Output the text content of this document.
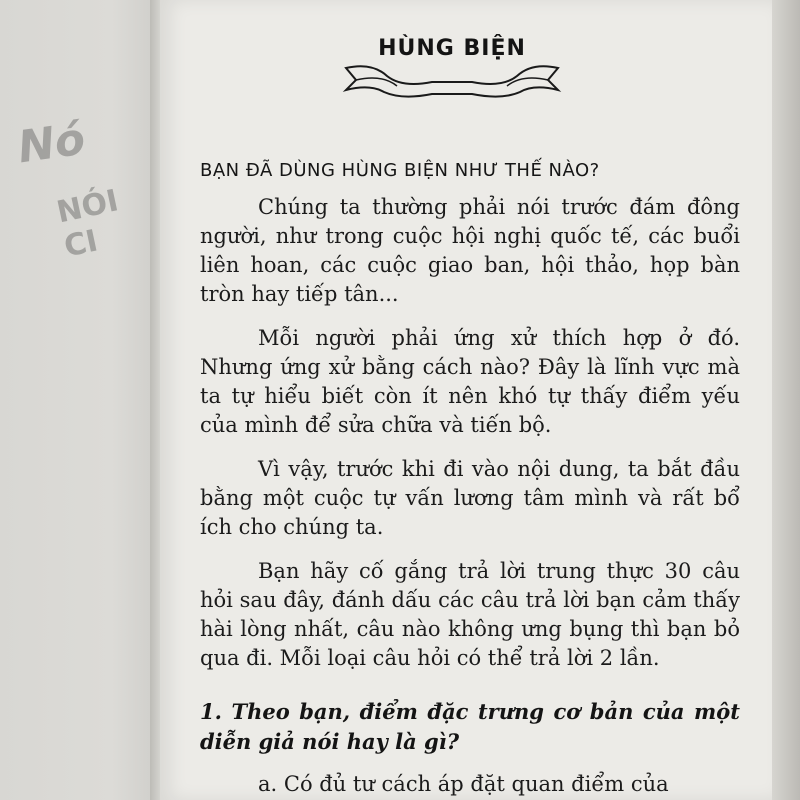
Nó
NÓI CI

HÙNG BIỆN
BẠN ĐÃ DÙNG HÙNG BIỆN NHƯ THẾ NÀO?

Chúng ta thường phải nói trước đám đông người, như trong cuộc hội nghị quốc tế, các buổi liên hoan, các cuộc giao ban, hội thảo, họp bàn tròn hay tiếp tân...

Mỗi người phải ứng xử thích hợp ở đó. Nhưng ứng xử bằng cách nào? Đây là lĩnh vực mà ta tự hiểu biết còn ít nên khó tự thấy điểm yếu của mình để sửa chữa và tiến bộ.

Vì vậy, trước khi đi vào nội dung, ta bắt đầu bằng một cuộc tự vấn lương tâm mình và rất bổ ích cho chúng ta.

Bạn hãy cố gắng trả lời trung thực 30 câu hỏi sau đây, đánh dấu các câu trả lời bạn cảm thấy hài lòng nhất, câu nào không ưng bụng thì bạn bỏ qua đi. Mỗi loại câu hỏi có thể trả lời 2 lần.

1. Theo bạn, điểm đặc trưng cơ bản của một diễn giả nói hay là gì?
a. Có đủ tư cách áp đặt quan điểm của
